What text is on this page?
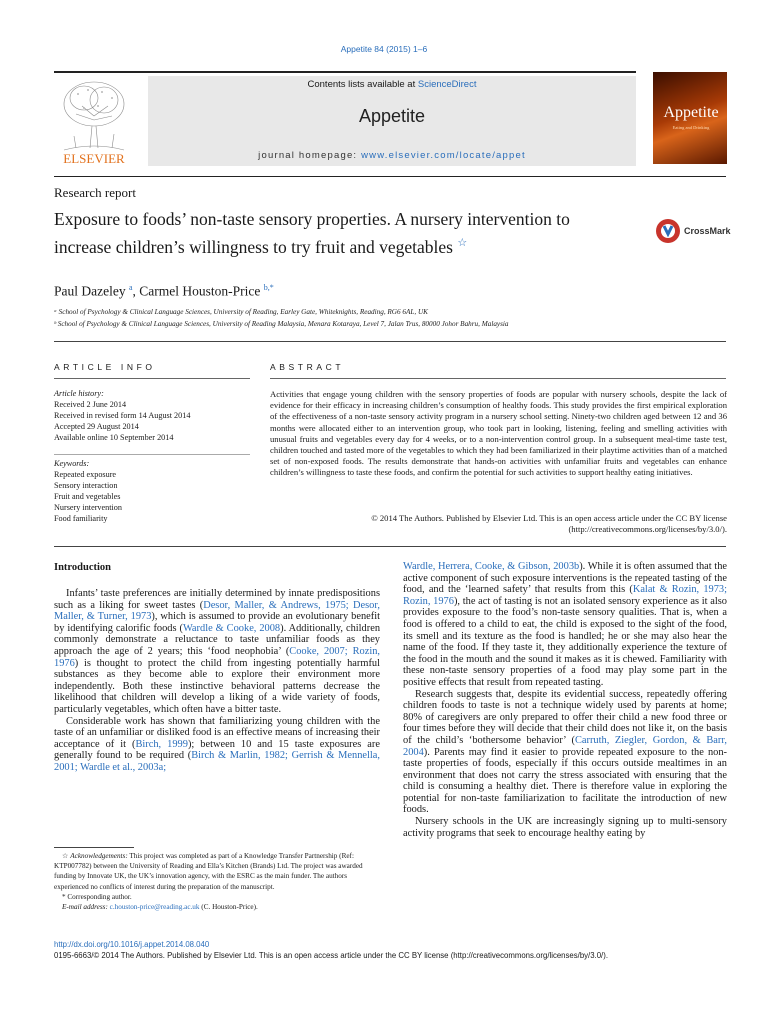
Appetite 84 (2015) 1–6
ELSEVIER
Contents lists available at ScienceDirect
Appetite
journal homepage: www.elsevier.com/locate/appet
Appetite
Eating and Drinking
Research report
Exposure to foods’ non-taste sensory properties. A nursery intervention to increase children’s willingness to try fruit and vegetables ☆
CrossMark
Paul Dazeley $^a$, Carmel Houston-Price $^{b,*}$
ᵃ School of Psychology & Clinical Language Sciences, University of Reading, Earley Gate, Whiteknights, Reading, RG6 6AL, UK
ᵇ School of Psychology & Clinical Language Sciences, University of Reading Malaysia, Menara Kotaraya, Level 7, Jalan Trus, 80000 Johor Bahru, Malaysia
ARTICLE INFO	ABSTRACT
Article history:
Received 2 June 2014
Received in revised form 14 August 2014
Accepted 29 August 2014
Available online 10 September 2014
Keywords:
Repeated exposure
Sensory interaction
Fruit and vegetables
Nursery intervention
Food familiarity
Activities that engage young children with the sensory properties of foods are popular with nursery schools, despite the lack of evidence for their efficacy in increasing children’s consumption of healthy foods. This study provides the first empirical exploration of the effectiveness of a non-taste sensory activity program in a nursery school setting. Ninety-two children aged between 12 and 36 months were allocated either to an intervention group, who took part in looking, listening, feeling and smelling activities with unusual fruits and vegetables every day for 4 weeks, or to a non-intervention control group. In a subsequent meal-time taste test, children touched and tasted more of the vegetables to which they had been familiarized in their playtime activities than of a matched set of non-exposed foods. The results demonstrate that hands-on activities with unfamiliar fruits and vegetables can enhance children’s willingness to taste these foods, and confirm the potential for such activities to support healthy eating initiatives.
© 2014 The Authors. Published by Elsevier Ltd. This is an open access article under the CC BY license
(http://creativecommons.org/licenses/by/3.0/).
Introduction

Infants’ taste preferences are initially determined by innate predispositions such as a liking for sweet tastes (Desor, Maller, & Andrews, 1975; Desor, Maller, & Turner, 1973), which is assumed to provide an evolutionary benefit by identifying calorific foods (Wardle & Cooke, 2008). Additionally, children commonly demonstrate a reluctance to taste unfamiliar foods as they approach the age of 2 years; this ‘food neophobia’ (Cooke, 2007; Rozin, 1976) is thought to protect the child from ingesting potentially harmful substances as they become able to explore their environment more independently. Both these instinctive behavioral patterns decrease the likelihood that children will develop a liking of a wide variety of foods, particularly vegetables, which often have a bitter taste.

Considerable work has shown that familiarizing young children with the taste of an unfamiliar or disliked food is an effective means of increasing their acceptance of it (Birch, 1999); between 10 and 15 taste exposures are generally found to be required (Birch & Marlin, 1982; Gerrish & Mennella, 2001; Wardle et al., 2003a;

Wardle, Herrera, Cooke, & Gibson, 2003b). While it is often assumed that the active component of such exposure interventions is the repeated tasting of the food, and the ‘learned safety’ that results from this (Kalat & Rozin, 1973; Rozin, 1976), the act of tasting is not an isolated sensory experience as it also provides exposure to the food’s non-taste sensory qualities. That is, when a food is offered to a child to eat, the child is exposed to the sight of the food, its smell and its texture as the food is handled; he or she may also hear the name of the food. If they taste it, they additionally experience the texture of the food in the mouth and the sound it makes as it is chewed. Familiarity with these non-taste sensory properties of a food may play some part in the positive effects that result from repeated tasting.

Research suggests that, despite its evidential success, repeatedly offering children foods to taste is not a technique widely used by parents at home; 80% of caregivers are only prepared to offer their child a new food three or four times before they will decide that their child does not like it, on the basis of the child’s ‘bothersome behavior’ (Carruth, Ziegler, Gordon, & Barr, 2004). Parents may find it easier to provide repeated exposure to the non-taste properties of foods, especially if this occurs outside mealtimes in an environment that does not carry the stress associated with ensuring that the child is consuming a healthy diet. There is therefore value in exploring the potential for non-taste familiarization to facilitate the introduction of new foods.

Nursery schools in the UK are increasingly signing up to multi-sensory activity programs that seek to encourage healthy eating by

☆ Acknowledgements: This project was completed as part of a Knowledge Transfer Partnership (Ref: KTP007782) between the University of Reading and Ella’s Kitchen (Brands) Ltd. The project was awarded funding by Innovate UK, the UK’s innovation agency, with the ESRC as the main funder. The authors experienced no conflicts of interest during the preparation of the manuscript.

* Corresponding author.

E-mail address: c.houston-price@reading.ac.uk (C. Houston-Price).

http://dx.doi.org/10.1016/j.appet.2014.08.040
0195-6663/© 2014 The Authors. Published by Elsevier Ltd. This is an open access article under the CC BY license (http://creativecommons.org/licenses/by/3.0/).
